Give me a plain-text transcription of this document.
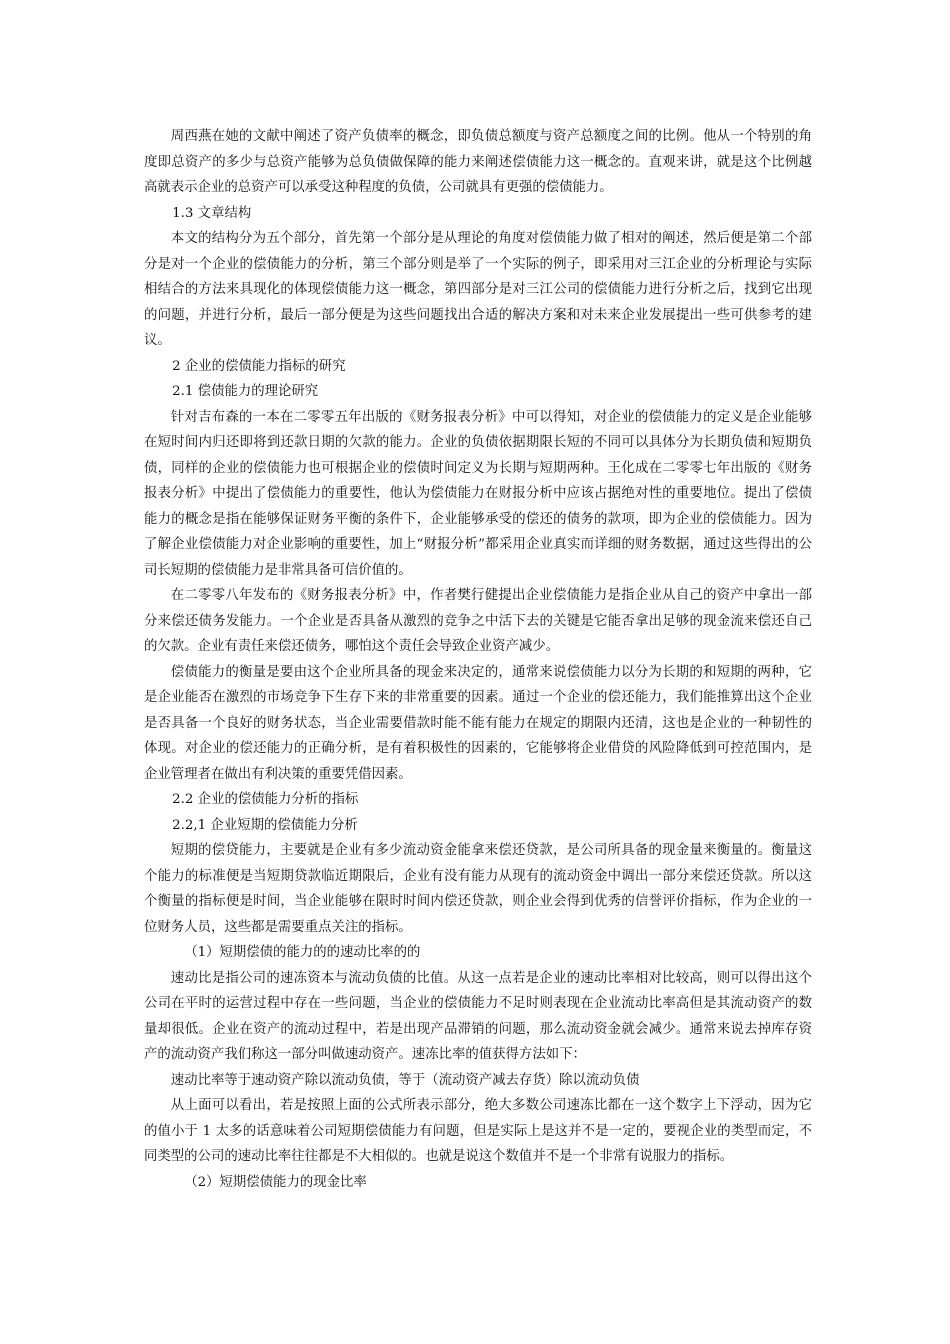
周西燕在她的文献中阐述了资产负债率的概念，即负债总额度与资产总额度之间的比例。他从一个特别的角度即总资产的多少与总资产能够为总负债做保障的能力来阐述偿债能力这一概念的。直观来讲，就是这个比例越高就表示企业的总资产可以承受这种程度的负债，公司就具有更强的偿债能力。

1.3 文章结构

本文的结构分为五个部分，首先第一个部分是从理论的角度对偿债能力做了相对的阐述，然后便是第二个部分是对一个企业的偿债能力的分析，第三个部分则是举了一个实际的例子，即采用对三江企业的分析理论与实际相结合的方法来具现化的体现偿债能力这一概念，第四部分是对三江公司的偿债能力进行分析之后，找到它出现的问题，并进行分析，最后一部分便是为这些问题找出合适的解决方案和对未来企业发展提出一些可供参考的建议。

2 企业的偿债能力指标的研究

2.1 偿债能力的理论研究

针对吉布森的一本在二零零五年出版的《财务报表分析》中可以得知，对企业的偿债能力的定义是企业能够在短时间内归还即将到还款日期的欠款的能力。企业的负债依据期限长短的不同可以具体分为长期负债和短期负债，同样的企业的偿债能力也可根据企业的偿债时间定义为长期与短期两种。王化成在二零零七年出版的《财务报表分析》中提出了偿债能力的重要性，他认为偿债能力在财报分析中应该占据绝对性的重要地位。提出了偿债能力的概念是指在能够保证财务平衡的条件下，企业能够承受的偿还的债务的款项，即为企业的偿债能力。因为了解企业偿债能力对企业影响的重要性，加上“财报分析”都采用企业真实而详细的财务数据，通过这些得出的公司长短期的偿债能力是非常具备可信价值的。

在二零零八年发布的《财务报表分析》中，作者樊行健提出企业偿债能力是指企业从自己的资产中拿出一部分来偿还债务发能力。一个企业是否具备从激烈的竞争之中活下去的关键是它能否拿出足够的现金流来偿还自己的欠款。企业有责任来偿还债务，哪怕这个责任会导致企业资产减少。

偿债能力的衡量是要由这个企业所具备的现金来决定的，通常来说偿债能力以分为长期的和短期的两种，它是企业能否在激烈的市场竞争下生存下来的非常重要的因素。通过一个企业的偿还能力，我们能推算出这个企业是否具备一个良好的财务状态，当企业需要借款时能不能有能力在规定的期限内还清，这也是企业的一种韧性的体现。对企业的偿还能力的正确分析，是有着积极性的因素的，它能够将企业借贷的风险降低到可控范围内，是企业管理者在做出有利决策的重要凭借因素。

2.2 企业的偿债能力分析的指标

2.2,1 企业短期的偿债能力分析

短期的偿贷能力，主要就是企业有多少流动资金能拿来偿还贷款，是公司所具备的现金量来衡量的。衡量这个能力的标准便是当短期贷款临近期限后，企业有没有能力从现有的流动资金中调出一部分来偿还贷款。所以这个衡量的指标便是时间，当企业能够在限时时间内偿还贷款，则企业会得到优秀的信誉评价指标，作为企业的一位财务人员，这些都是需要重点关注的指标。

（1）短期偿债的能力的的速动比率的的

速动比是指公司的速冻资本与流动负债的比值。从这一点若是企业的速动比率相对比较高，则可以得出这个公司在平时的运营过程中存在一些问题，当企业的偿债能力不足时则表现在企业流动比率高但是其流动资产的数量却很低。企业在资产的流动过程中，若是出现产品滞销的问题，那么流动资金就会减少。通常来说去掉库存资产的流动资产我们称这一部分叫做速动资产。速冻比率的值获得方法如下：

速动比率等于速动资产除以流动负债，等于（流动资产减去存货）除以流动负债

从上面可以看出，若是按照上面的公式所表示部分，绝大多数公司速冻比都在一这个数字上下浮动，因为它的值小于 1 太多的话意味着公司短期偿债能力有问题，但是实际上是这并不是一定的，要视企业的类型而定，不同类型的公司的速动比率往往都是不大相似的。也就是说这个数值并不是一个非常有说服力的指标。

（2）短期偿债能力的现金比率
